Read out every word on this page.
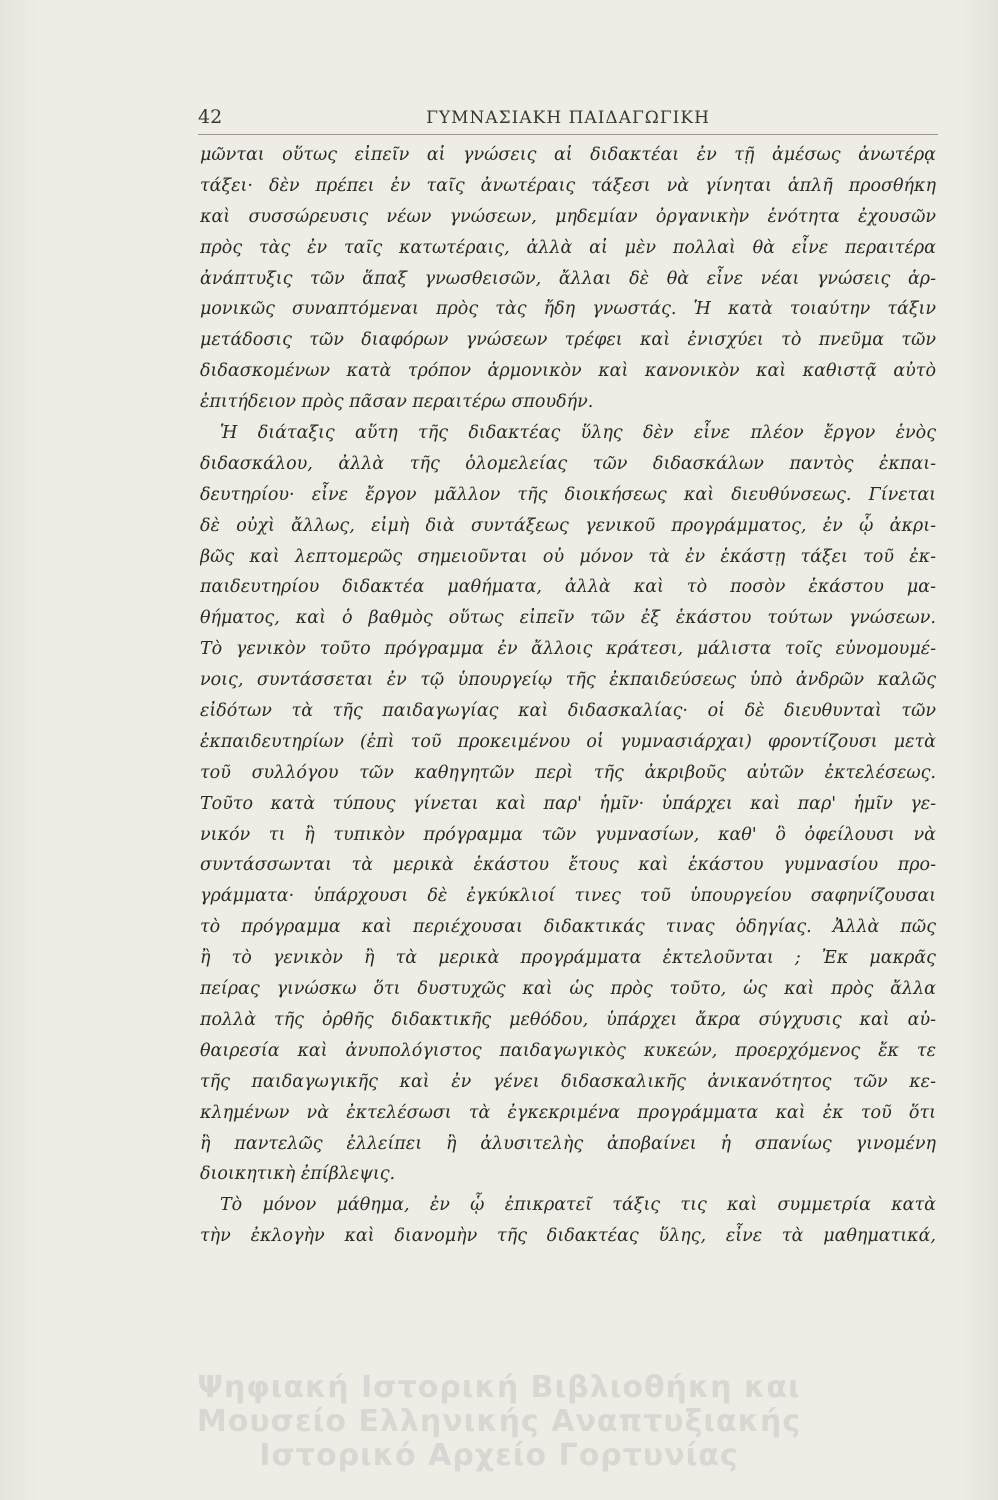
42	ΓΥΜΝΑΣΙΑΚΗ ΠΑΙΔΑΓΩΓΙΚΗ
μῶνται οὕτως εἰπεῖν αἱ γνώσεις αἱ διδακτέαι ἐν τῇ ἀμέσως ἀνωτέρᾳ
τάξει· δὲν πρέπει ἐν ταῖς ἀνωτέραις τάξεσι νὰ γίνηται ἁπλῆ προσθήκη
καὶ συσσώρευσις νέων γνώσεων, μηδεμίαν ὀργανικὴν ἑνότητα ἐχουσῶν
πρὸς τὰς ἐν ταῖς κατωτέραις, ἀλλὰ αἱ μὲν πολλαὶ θὰ εἶνε περαιτέρα
ἀνάπτυξις τῶν ἅπαξ γνωσθεισῶν, ἄλλαι δὲ θὰ εἶνε νέαι γνώσεις ἁρ-
μονικῶς συναπτόμεναι πρὸς τὰς ἤδη γνωστάς. Ἡ κατὰ τοιαύτην τάξιν
μετάδοσις τῶν διαφόρων γνώσεων τρέφει καὶ ἐνισχύει τὸ πνεῦμα τῶν
διδασκομένων κατὰ τρόπον ἁρμονικὸν καὶ κανονικὸν καὶ καθιστᾷ αὐτὸ
ἐπιτήδειον πρὸς πᾶσαν περαιτέρω σπουδήν.
Ἡ διάταξις αὕτη τῆς διδακτέας ὕλης δὲν εἶνε πλέον ἔργον ἑνὸς
διδασκάλου, ἀλλὰ τῆς ὁλομελείας τῶν διδασκάλων παντὸς ἐκπαι-
δευτηρίου· εἶνε ἔργον μᾶλλον τῆς διοικήσεως καὶ διευθύνσεως. Γίνεται
δὲ οὐχὶ ἄλλως, εἰμὴ διὰ συντάξεως γενικοῦ προγράμματος, ἐν ᾧ ἀκρι-
βῶς καὶ λεπτομερῶς σημειοῦνται οὐ μόνον τὰ ἐν ἑκάστῃ τάξει τοῦ ἐκ-
παιδευτηρίου διδακτέα μαθήματα, ἀλλὰ καὶ τὸ ποσὸν ἑκάστου μα-
θήματος, καὶ ὁ βαθμὸς οὕτως εἰπεῖν τῶν ἐξ ἑκάστου τούτων γνώσεων.
Τὸ γενικὸν τοῦτο πρόγραμμα ἐν ἄλλοις κράτεσι, μάλιστα τοῖς εὐνομουμέ-
νοις, συντάσσεται ἐν τῷ ὑπουργείῳ τῆς ἐκπαιδεύσεως ὑπὸ ἀνδρῶν καλῶς
εἰδότων τὰ τῆς παιδαγωγίας καὶ διδασκαλίας· οἱ δὲ διευθυνταὶ τῶν
ἐκπαιδευτηρίων (ἐπὶ τοῦ προκειμένου οἱ γυμνασιάρχαι) φροντίζουσι μετὰ
τοῦ συλλόγου τῶν καθηγητῶν περὶ τῆς ἀκριβοῦς αὐτῶν ἐκτελέσεως.
Τοῦτο κατὰ τύπους γίνεται καὶ παρ' ἡμῖν· ὑπάρχει καὶ παρ' ἡμῖν γε-
νικόν τι ἢ τυπικὸν πρόγραμμα τῶν γυμνασίων, καθ' ὃ ὀφείλουσι νὰ
συντάσσωνται τὰ μερικὰ ἑκάστου ἔτους καὶ ἑκάστου γυμνασίου προ-
γράμματα· ὑπάρχουσι δὲ ἐγκύκλιοί τινες τοῦ ὑπουργείου σαφηνίζουσαι
τὸ πρόγραμμα καὶ περιέχουσαι διδακτικάς τινας ὁδηγίας. Ἀλλὰ πῶς
ἢ τὸ γενικὸν ἢ τὰ μερικὰ προγράμματα ἐκτελοῦνται ; Ἐκ μακρᾶς
πείρας γινώσκω ὅτι δυστυχῶς καὶ ὡς πρὸς τοῦτο, ὡς καὶ πρὸς ἄλλα
πολλὰ τῆς ὀρθῆς διδακτικῆς μεθόδου, ὑπάρχει ἄκρα σύγχυσις καὶ αὐ-
θαιρεσία καὶ ἀνυπολόγιστος παιδαγωγικὸς κυκεών, προερχόμενος ἔκ τε
τῆς παιδαγωγικῆς καὶ ἐν γένει διδασκαλικῆς ἀνικανότητος τῶν κε-
κλημένων νὰ ἐκτελέσωσι τὰ ἐγκεκριμένα προγράμματα καὶ ἐκ τοῦ ὅτι
ἢ παντελῶς ἐλλείπει ἢ ἀλυσιτελὴς ἀποβαίνει ἡ σπανίως γινομένη
διοικητικὴ ἐπίβλεψις.
Τὸ μόνον μάθημα, ἐν ᾧ ἐπικρατεῖ τάξις τις καὶ συμμετρία κατὰ
τὴν ἐκλογὴν καὶ διανομὴν τῆς διδακτέας ὕλης, εἶνε τὰ μαθηματικά,
Ψηφιακή Ιστορική Βιβλιοθήκη και
Μουσείο Ελληνικής Αναπτυξιακής
Ιστορικό Αρχείο Γορτυνίας
